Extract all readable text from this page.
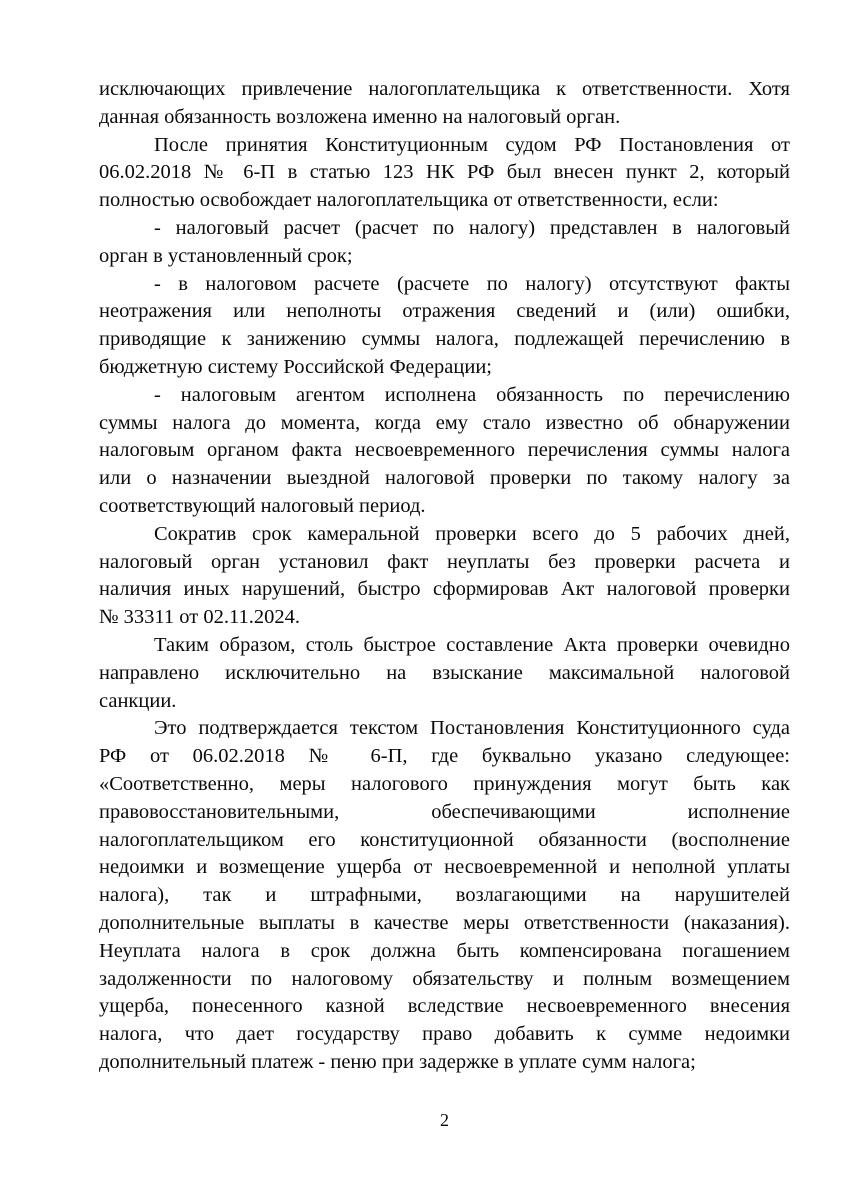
исключающих привлечение налогоплательщика к ответственности. Хотя
данная обязанность возложена именно на налоговый орган.
После принятия Конституционным судом РФ Постановления от
06.02.2018 № 6-П в статью 123 НК РФ был внесен пункт 2, который
полностью освобождает налогоплательщика от ответственности, если:
- налоговый расчет (расчет по налогу) представлен в налоговый
орган в установленный срок;
- в налоговом расчете (расчете по налогу) отсутствуют факты
неотражения или неполноты отражения сведений и (или) ошибки,
приводящие к занижению суммы налога, подлежащей перечислению в
бюджетную систему Российской Федерации;
- налоговым агентом исполнена обязанность по перечислению
суммы налога до момента, когда ему стало известно об обнаружении
налоговым органом факта несвоевременного перечисления суммы налога
или о назначении выездной налоговой проверки по такому налогу за
соответствующий налоговый период.
Сократив срок камеральной проверки всего до 5 рабочих дней,
налоговый орган установил факт неуплаты без проверки расчета и
наличия иных нарушений, быстро сформировав Акт налоговой проверки
№ 33311 от 02.11.2024.
Таким образом, столь быстрое составление Акта проверки очевидно
направлено исключительно на взыскание максимальной налоговой
санкции.
Это подтверждается текстом Постановления Конституционного суда
РФ от 06.02.2018 № 6-П, где буквально указано следующее:
«Соответственно, меры налогового принуждения могут быть как
правовосстановительными, обеспечивающими исполнение
налогоплательщиком его конституционной обязанности (восполнение
недоимки и возмещение ущерба от несвоевременной и неполной уплаты
налога), так и штрафными, возлагающими на нарушителей
дополнительные выплаты в качестве меры ответственности (наказания).
Неуплата налога в срок должна быть компенсирована погашением
задолженности по налоговому обязательству и полным возмещением
ущерба, понесенного казной вследствие несвоевременного внесения
налога, что дает государству право добавить к сумме недоимки
дополнительный платеж - пеню при задержке в уплате сумм налога;
2
